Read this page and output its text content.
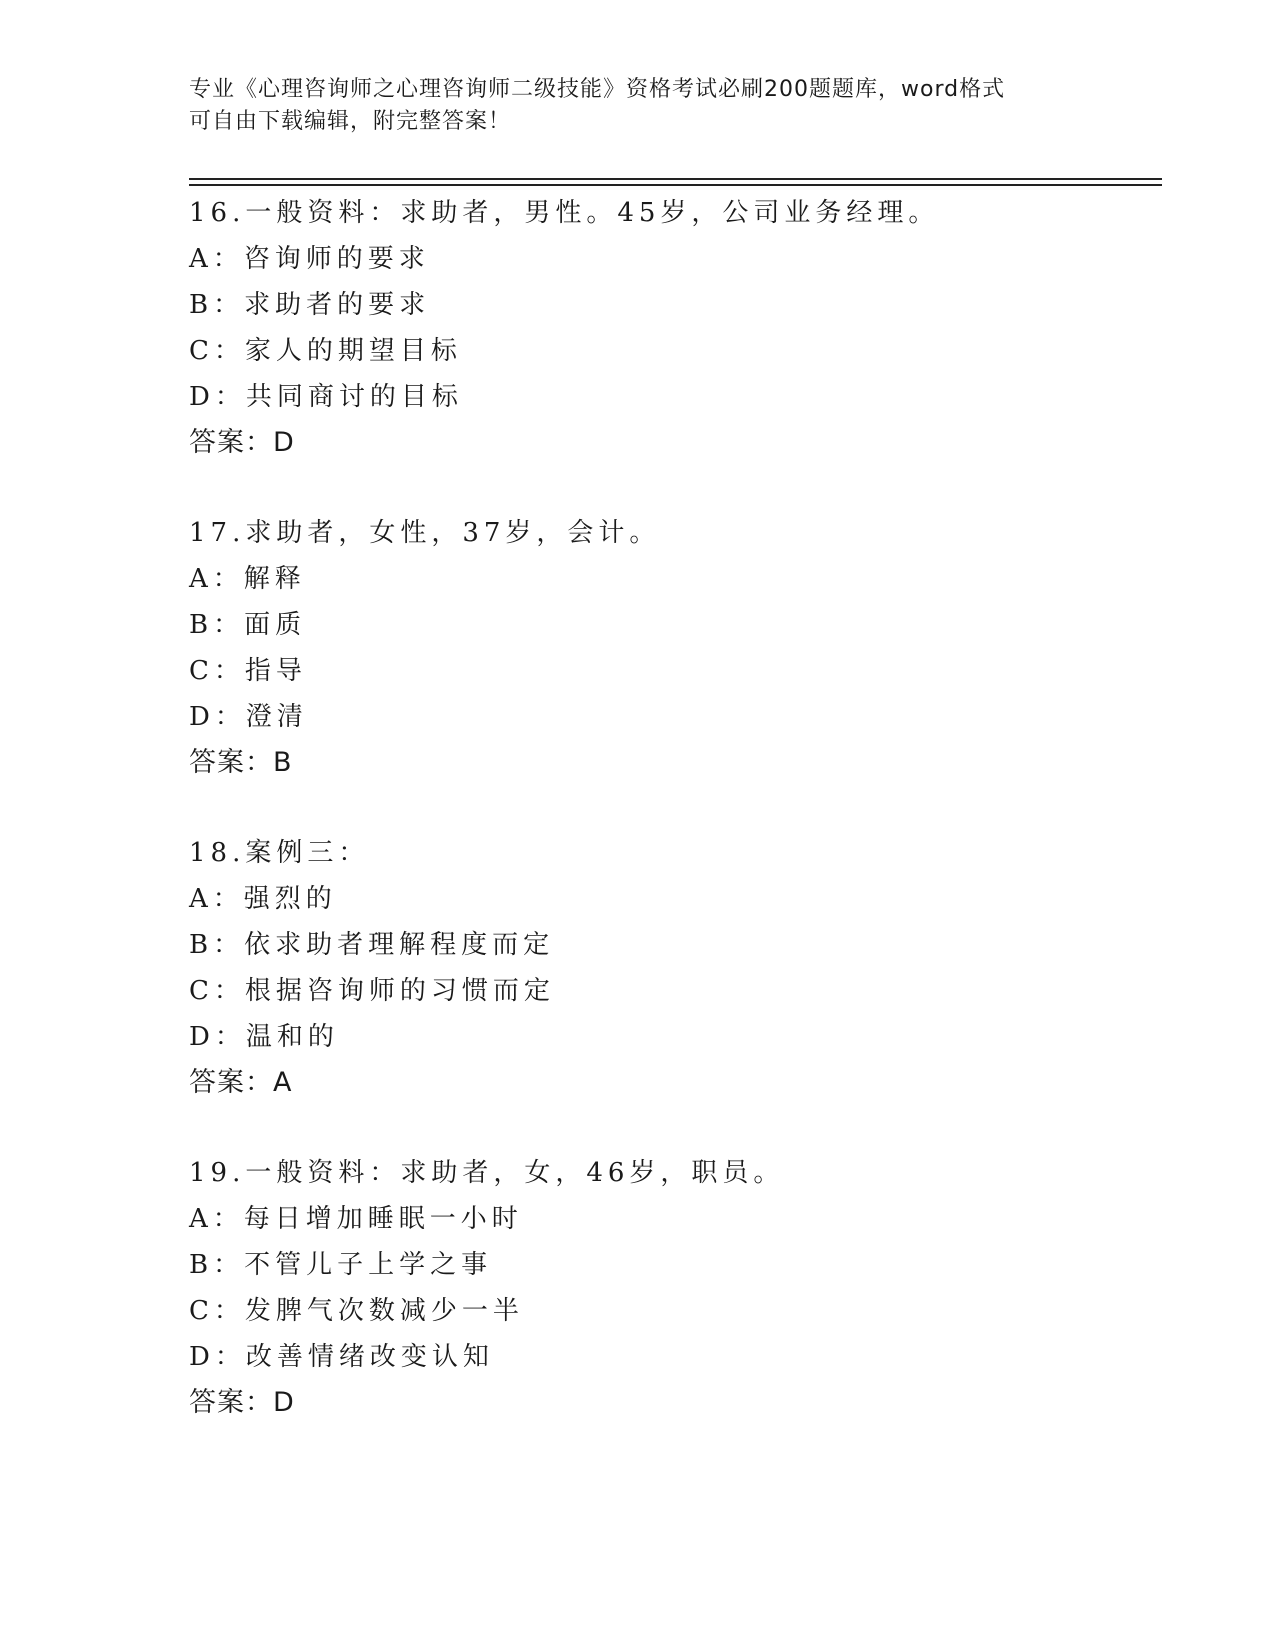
专业《心理咨询师之心理咨询师二级技能》资格考试必刷200题题库，word格式
可自由下载编辑，附完整答案！
16.一般资料：求助者，男性。45岁，公司业务经理。
A：咨询师的要求
B：求助者的要求
C：家人的期望目标
D：共同商讨的目标
答案：D
17.求助者，女性，37岁，会计。
A：解释
B：面质
C：指导
D：澄清
答案：B
18.案例三：
A：强烈的
B：依求助者理解程度而定
C：根据咨询师的习惯而定
D：温和的
答案：A
19.一般资料：求助者，女，46岁，职员。
A：每日增加睡眠一小时
B：不管儿子上学之事
C：发脾气次数减少一半
D：改善情绪改变认知
答案：D
